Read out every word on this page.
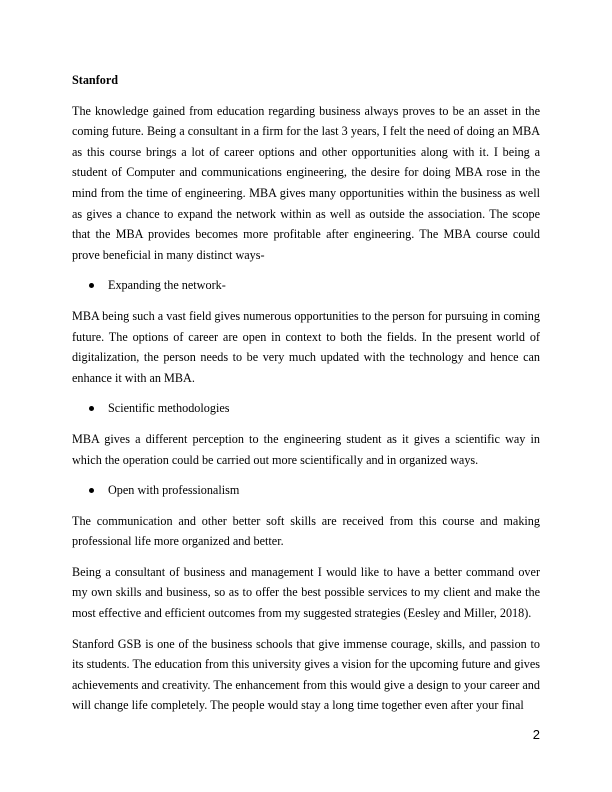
Stanford

The knowledge gained from education regarding business always proves to be an asset in the coming future. Being a consultant in a firm for the last 3 years, I felt the need of doing an MBA as this course brings a lot of career options and other opportunities along with it. I being a student of Computer and communications engineering, the desire for doing MBA rose in the mind from the time of engineering. MBA gives many opportunities within the business as well as gives a chance to expand the network within as well as outside the association. The scope that the MBA provides becomes more profitable after engineering. The MBA course could prove beneficial in many distinct ways-

Expanding the network-

MBA being such a vast field gives numerous opportunities to the person for pursuing in coming future. The options of career are open in context to both the fields. In the present world of digitalization, the person needs to be very much updated with the technology and hence can enhance it with an MBA.

Scientific methodologies

MBA gives a different perception to the engineering student as it gives a scientific way in which the operation could be carried out more scientifically and in organized ways.

Open with professionalism

The communication and other better soft skills are received from this course and making professional life more organized and better.

Being a consultant of business and management I would like to have a better command over my own skills and business, so as to offer the best possible services to my client and make the most effective and efficient outcomes from my suggested strategies (Eesley and Miller, 2018).

Stanford GSB is one of the business schools that give immense courage, skills, and passion to its students. The education from this university gives a vision for the upcoming future and gives achievements and creativity. The enhancement from this would give a design to your career and will change life completely. The people would stay a long time together even after your final

2
